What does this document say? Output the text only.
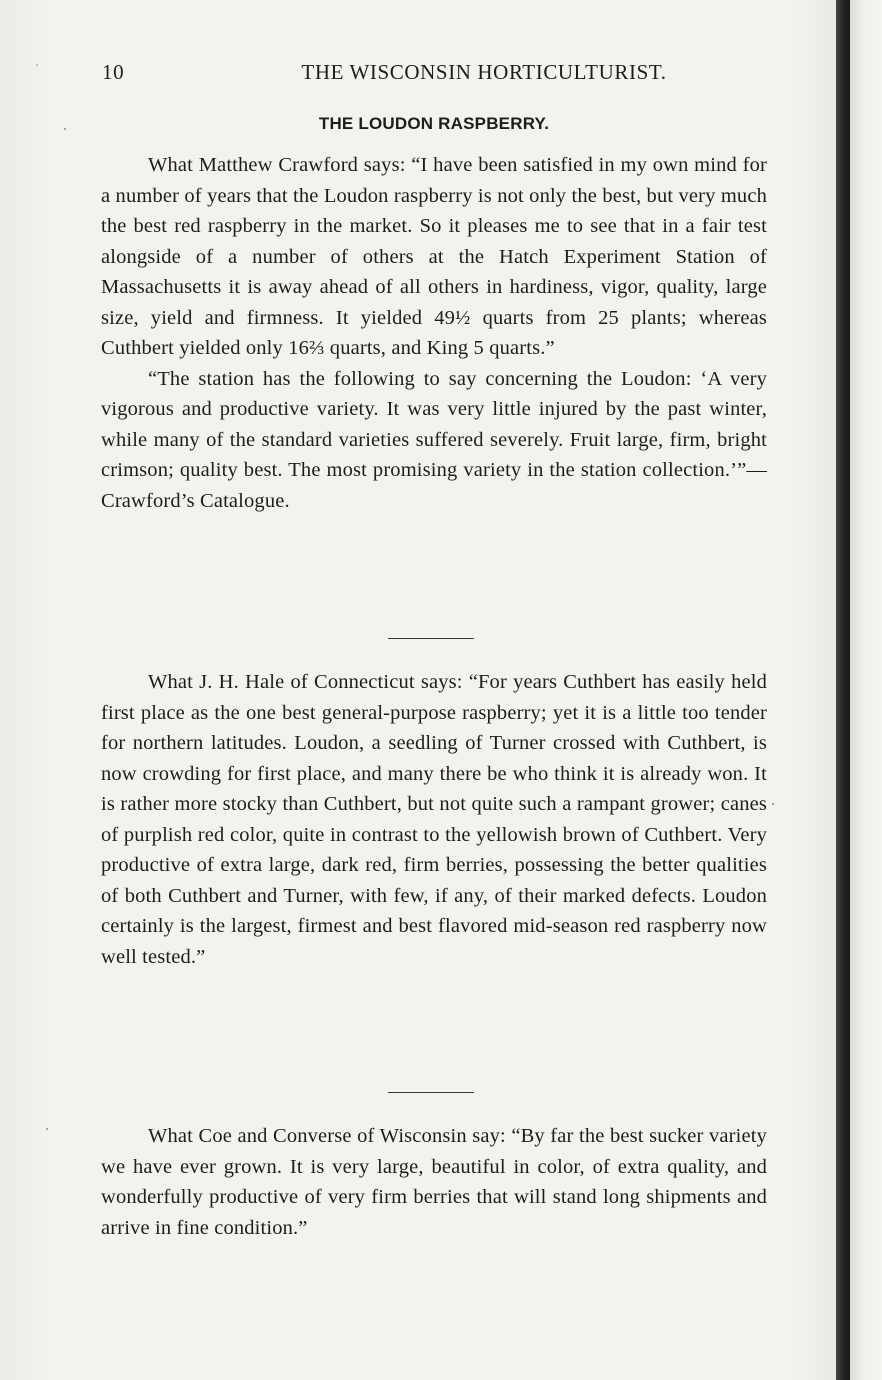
10	THE WISCONSIN HORTICULTURIST.
THE LOUDON RASPBERRY.

What Matthew Crawford says: “I have been satisfied in my own mind for a number of years that the Loudon raspberry is not only the best, but very much the best red raspberry in the market. So it pleases me to see that in a fair test alongside of a number of others at the Hatch Experiment Station of Massachusetts it is away ahead of all others in hardiness, vigor, quality, large size, yield and firmness. It yielded 49½ quarts from 25 plants; whereas Cuthbert yielded only 16⅔ quarts, and King 5 quarts.”

“The station has the following to say concerning the Loudon: ‘A very vigorous and productive variety. It was very little injured by the past winter, while many of the standard varieties suffered severely. Fruit large, firm, bright crimson; quality best. The most promising variety in the station collection.’”—Crawford’s Catalogue.

What J. H. Hale of Connecticut says: “For years Cuthbert has easily held first place as the one best general-purpose raspberry; yet it is a little too tender for northern latitudes. Loudon, a seedling of Turner crossed with Cuthbert, is now crowding for first place, and many there be who think it is already won. It is rather more stocky than Cuthbert, but not quite such a rampant grower; canes of purplish red color, quite in contrast to the yellowish brown of Cuthbert. Very productive of extra large, dark red, firm berries, possessing the better qualities of both Cuthbert and Turner, with few, if any, of their marked defects. Loudon certainly is the largest, firmest and best flavored mid-season red raspberry now well tested.”

What Coe and Converse of Wisconsin say: “By far the best sucker variety we have ever grown. It is very large, beautiful in color, of extra quality, and wonderfully productive of very firm berries that will stand long shipments and arrive in fine condition.”
